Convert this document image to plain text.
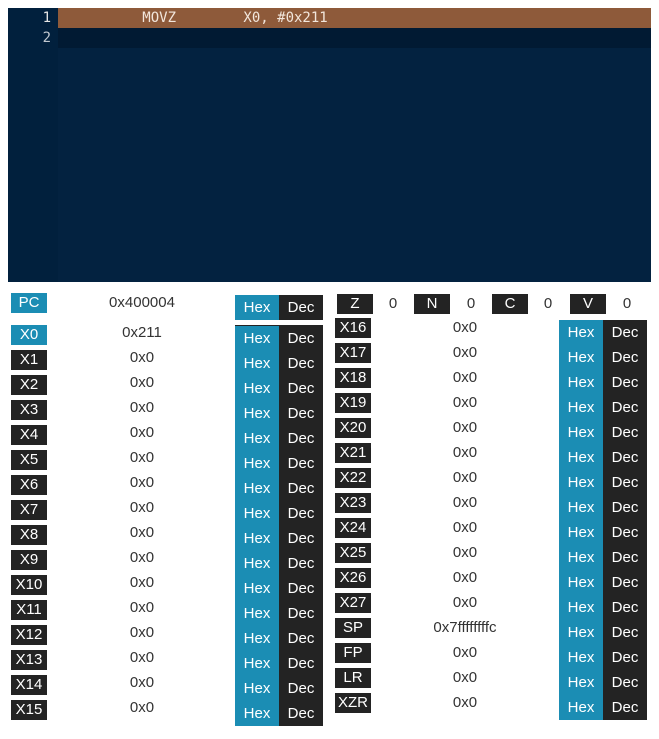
1
2
MOVZ        X0, #0x211
PC	0x400004	Hex	Dec	Z	0	N	0	C	0	V	0
X0	0x211	Hex	Dec
X1	0x0	Hex	Dec
X2	0x0	Hex	Dec
X3	0x0	Hex	Dec
X4	0x0	Hex	Dec
X5	0x0	Hex	Dec
X6	0x0	Hex	Dec
X7	0x0	Hex	Dec
X8	0x0	Hex	Dec
X9	0x0	Hex	Dec
X10	0x0	Hex	Dec
X11	0x0	Hex	Dec
X12	0x0	Hex	Dec
X13	0x0	Hex	Dec
X14	0x0	Hex	Dec
X15	0x0	Hex	Dec
X16	0x0	Hex	Dec
X17	0x0	Hex	Dec
X18	0x0	Hex	Dec
X19	0x0	Hex	Dec
X20	0x0	Hex	Dec
X21	0x0	Hex	Dec
X22	0x0	Hex	Dec
X23	0x0	Hex	Dec
X24	0x0	Hex	Dec
X25	0x0	Hex	Dec
X26	0x0	Hex	Dec
X27	0x0	Hex	Dec
SP	0x7ffffffffc	Hex	Dec
FP	0x0	Hex	Dec
LR	0x0	Hex	Dec
XZR	0x0	Hex	Dec
